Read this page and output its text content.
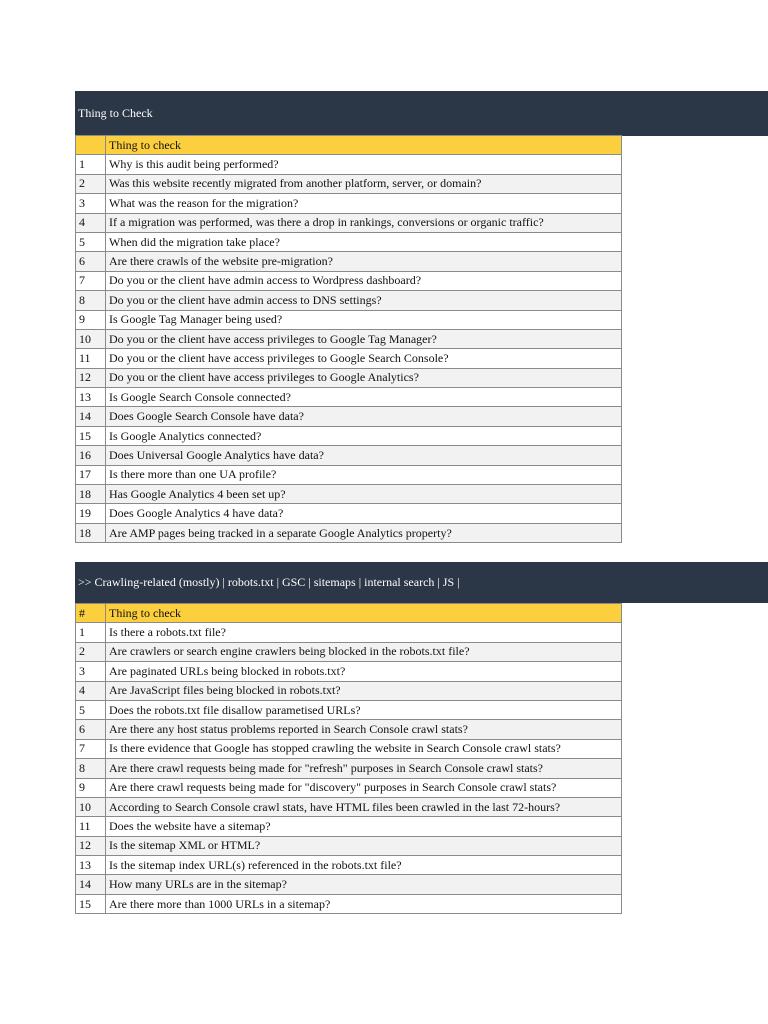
Thing to Check
	Thing to check
1	Why is this audit being performed?
2	Was this website recently migrated from another platform, server, or domain?
3	What was the reason for the migration?
4	If a migration was performed, was there a drop in rankings, conversions or organic traffic?
5	When did the migration take place?
6	Are there crawls of the website pre-migration?
7	Do you or the client have admin access to Wordpress dashboard?
8	Do you or the client have admin access to DNS settings?
9	Is Google Tag Manager being used?
10	Do you or the client have access privileges to Google Tag Manager?
11	Do you or the client have access privileges to Google Search Console?
12	Do you or the client have access privileges to Google Analytics?
13	Is Google Search Console connected?
14	Does Google Search Console have data?
15	Is Google Analytics connected?
16	Does Universal Google Analytics have data?
17	Is there more than one UA profile?
18	Has Google Analytics 4 been set up?
19	Does Google Analytics 4 have data?
18	Are AMP pages being tracked in a separate Google Analytics property?
>> Crawling-related (mostly) | robots.txt | GSC | sitemaps | internal search | JS |
#	Thing to check
1	Is there a robots.txt file?
2	Are crawlers or search engine crawlers being blocked in the robots.txt file?
3	Are paginated URLs being blocked in robots.txt?
4	Are JavaScript files being blocked in robots.txt?
5	Does the robots.txt file disallow parametised URLs?
6	Are there any host status problems reported in Search Console crawl stats?
7	Is there evidence that Google has stopped crawling the website in Search Console crawl stats?
8	Are there crawl requests being made for "refresh" purposes in Search Console crawl stats?
9	Are there crawl requests being made for "discovery" purposes in Search Console crawl stats?
10	According to Search Console crawl stats, have HTML files been crawled in the last 72-hours?
11	Does the website have a sitemap?
12	Is the sitemap XML or HTML?
13	Is the sitemap index URL(s) referenced in the robots.txt file?
14	How many URLs are in the sitemap?
15	Are there more than 1000 URLs in a sitemap?
